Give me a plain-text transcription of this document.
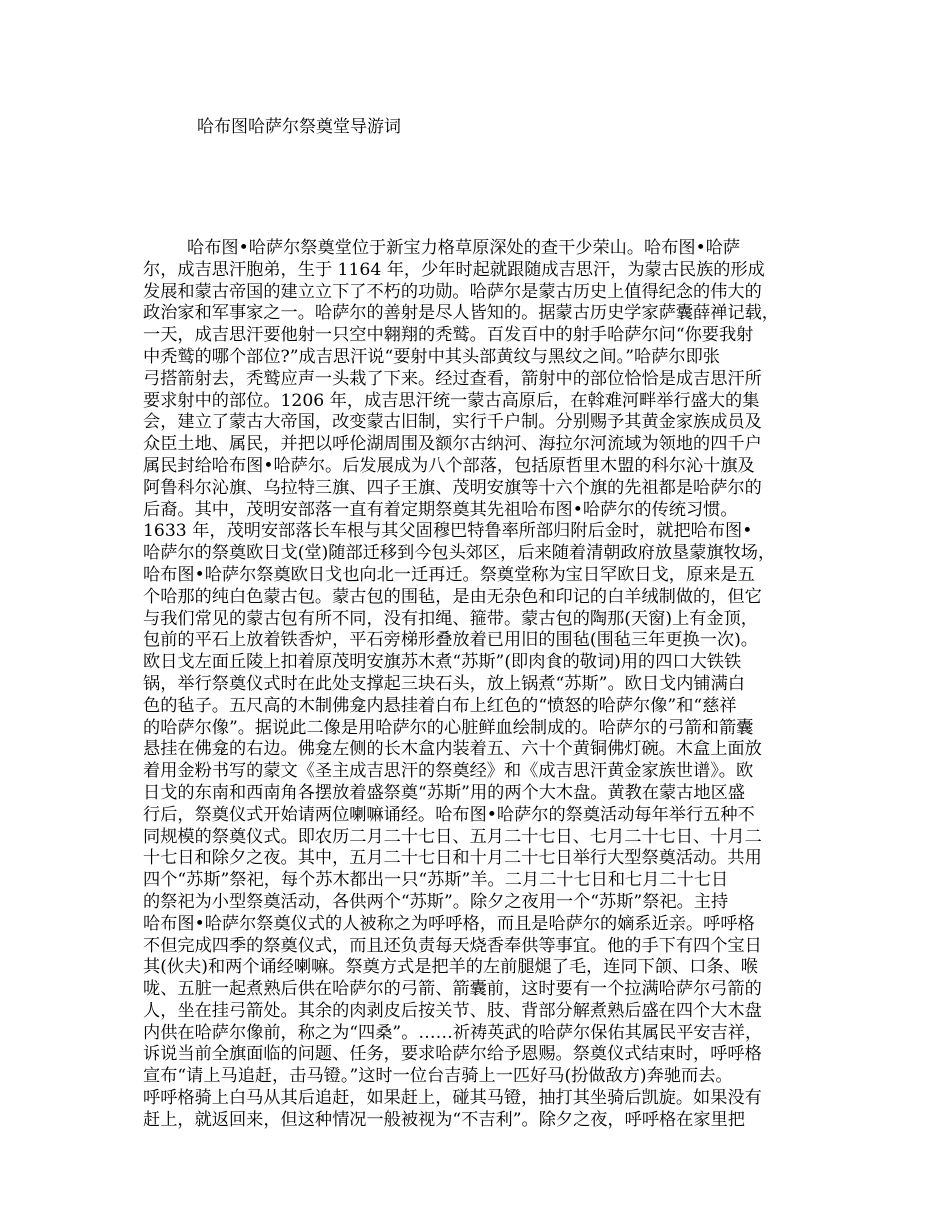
哈布图哈萨尔祭奠堂导游词
哈布图•哈萨尔祭奠堂位于新宝力格草原深处的查干少荣山。哈布图•哈萨
尔，成吉思汗胞弟，生于 1164 年，少年时起就跟随成吉思汗，为蒙古民族的形成
发展和蒙古帝国的建立立下了不朽的功勋。哈萨尔是蒙古历史上值得纪念的伟大的
政治家和军事家之一。哈萨尔的善射是尽人皆知的。据蒙古历史学家萨囊薛禅记载，
一天，成吉思汗要他射一只空中翱翔的秃鹫。百发百中的射手哈萨尔问“你要我射
中秃鹫的哪个部位?”成吉思汗说“要射中其头部黄纹与黑纹之间。”哈萨尔即张
弓搭箭射去，秃鹫应声一头栽了下来。经过查看，箭射中的部位恰恰是成吉思汗所
要求射中的部位。1206 年，成吉思汗统一蒙古高原后，在斡难河畔举行盛大的集
会，建立了蒙古大帝国，改变蒙古旧制，实行千户制。分别赐予其黄金家族成员及
众臣土地、属民，并把以呼伦湖周围及额尔古纳河、海拉尔河流域为领地的四千户
属民封给哈布图•哈萨尔。后发展成为八个部落，包括原哲里木盟的科尔沁十旗及
阿鲁科尔沁旗、乌拉特三旗、四子王旗、茂明安旗等十六个旗的先祖都是哈萨尔的
后裔。其中，茂明安部落一直有着定期祭奠其先祖哈布图•哈萨尔的传统习惯。
1633 年，茂明安部落长车根与其父固穆巴特鲁率所部归附后金时，就把哈布图•
哈萨尔的祭奠欧日戈(堂)随部迁移到今包头郊区，后来随着清朝政府放垦蒙旗牧场，
哈布图•哈萨尔祭奠欧日戈也向北一迁再迁。祭奠堂称为宝日罕欧日戈，原来是五
个哈那的纯白色蒙古包。蒙古包的围毡，是由无杂色和印记的白羊绒制做的，但它
与我们常见的蒙古包有所不同，没有扣绳、箍带。蒙古包的陶那(天窗)上有金顶，
包前的平石上放着铁香炉，平石旁梯形叠放着已用旧的围毡(围毡三年更换一次)。
欧日戈左面丘陵上扣着原茂明安旗苏木煮“苏斯”(即肉食的敬词)用的四口大铁铁
锅，举行祭奠仪式时在此处支撑起三块石头，放上锅煮“苏斯”。欧日戈内铺满白
色的毡子。五尺高的木制佛龛内悬挂着白布上红色的“愤怒的哈萨尔像”和“慈祥
的哈萨尔像”。据说此二像是用哈萨尔的心脏鲜血绘制成的。哈萨尔的弓箭和箭囊
悬挂在佛龛的右边。佛龛左侧的长木盒内装着五、六十个黄铜佛灯碗。木盒上面放
着用金粉书写的蒙文《圣主成吉思汗的祭奠经》和《成吉思汗黄金家族世谱》。欧
日戈的东南和西南角各摆放着盛祭奠“苏斯”用的两个大木盘。黄教在蒙古地区盛
行后，祭奠仪式开始请两位喇嘛诵经。哈布图•哈萨尔的祭奠活动每年举行五种不
同规模的祭奠仪式。即农历二月二十七日、五月二十七日、七月二十七日、十月二
十七日和除夕之夜。其中，五月二十七日和十月二十七日举行大型祭奠活动。共用
四个“苏斯”祭祀，每个苏木都出一只“苏斯”羊。二月二十七日和七月二十七日
的祭祀为小型祭奠活动，各供两个“苏斯”。除夕之夜用一个“苏斯”祭祀。主持
哈布图•哈萨尔祭奠仪式的人被称之为呼呼格，而且是哈萨尔的嫡系近亲。呼呼格
不但完成四季的祭奠仪式，而且还负责每天烧香奉供等事宜。他的手下有四个宝日
其(伙夫)和两个诵经喇嘛。祭奠方式是把羊的左前腿煺了毛，连同下颌、口条、喉
咙、五脏一起煮熟后供在哈萨尔的弓箭、箭囊前，这时要有一个拉满哈萨尔弓箭的
人，坐在挂弓箭处。其余的肉剥皮后按关节、肢、背部分解煮熟后盛在四个大木盘
内供在哈萨尔像前，称之为“四桑”。……祈祷英武的哈萨尔保佑其属民平安吉祥，
诉说当前全旗面临的问题、任务，要求哈萨尔给予恩赐。祭奠仪式结束时，呼呼格
宣布“请上马追赶，击马镫。”这时一位台吉骑上一匹好马(扮做敌方)奔驰而去。
呼呼格骑上白马从其后追赶，如果赶上，碰其马镫，抽打其坐骑后凯旋。如果没有
赶上，就返回来，但这种情况一般被视为“不吉利”。除夕之夜，呼呼格在家里把
